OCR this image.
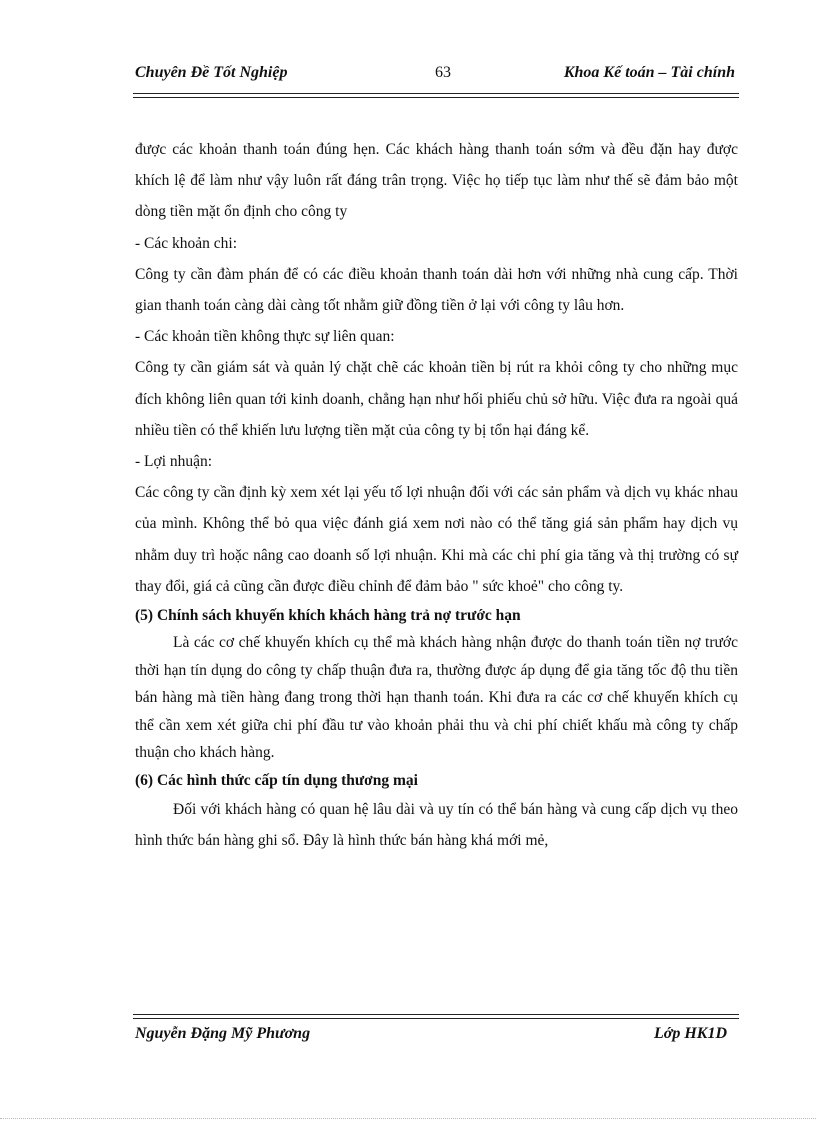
Chuyên Đề Tốt Nghiệp	63	Khoa Kế toán – Tài chính

được các khoản thanh toán đúng hẹn. Các khách hàng thanh toán sớm và đều đặn hay được khích lệ để làm như vậy luôn rất đáng trân trọng. Việc họ tiếp tục làm như thế sẽ đảm bảo một dòng tiền mặt ổn định cho công ty

- Các khoản chi:

Công ty cần đàm phán để có các điều khoản thanh toán dài hơn với những nhà cung cấp. Thời gian thanh toán càng dài càng tốt nhằm giữ đồng tiền ở lại với công ty lâu hơn.

- Các khoản tiền không thực sự liên quan:

Công ty cần giám sát và quản lý chặt chẽ các khoản tiền bị rút ra khỏi công ty cho những mục đích không liên quan tới kinh doanh, chẳng hạn như hối phiếu chủ sở hữu. Việc đưa ra ngoài quá nhiều tiền có thể khiến lưu lượng tiền mặt của công ty bị tổn hại đáng kể.

- Lợi nhuận:

Các công ty cần định kỳ xem xét lại yếu tố lợi nhuận đối với các sản phẩm và dịch vụ khác nhau của mình. Không thể bỏ qua việc đánh giá xem nơi nào có thể tăng giá sản phẩm hay dịch vụ nhằm duy trì hoặc nâng cao doanh số lợi nhuận. Khi mà các chi phí gia tăng và thị trường có sự thay đổi, giá cả cũng cần được điều chỉnh để đảm bảo " sức khoẻ" cho công ty.

(5) Chính sách khuyến khích khách hàng trả nợ trước hạn

Là các cơ chế khuyến khích cụ thể mà khách hàng nhận được do thanh toán tiền nợ trước thời hạn tín dụng do công ty chấp thuận đưa ra, thường được áp dụng để gia tăng tốc độ thu tiền bán hàng mà tiền hàng đang trong thời hạn thanh toán. Khi đưa ra các cơ chế khuyến khích cụ thể cần xem xét giữa chi phí đầu tư vào khoản phải thu và chi phí chiết khấu mà công ty chấp thuận cho khách hàng.

(6) Các hình thức cấp tín dụng thương mại

Đối với khách hàng có quan hệ lâu dài và uy tín có thể bán hàng và cung cấp dịch vụ theo hình thức bán hàng ghi sổ. Đây là hình thức bán hàng khá mới mẻ,

Nguyễn Đặng Mỹ Phương	Lớp HK1D
